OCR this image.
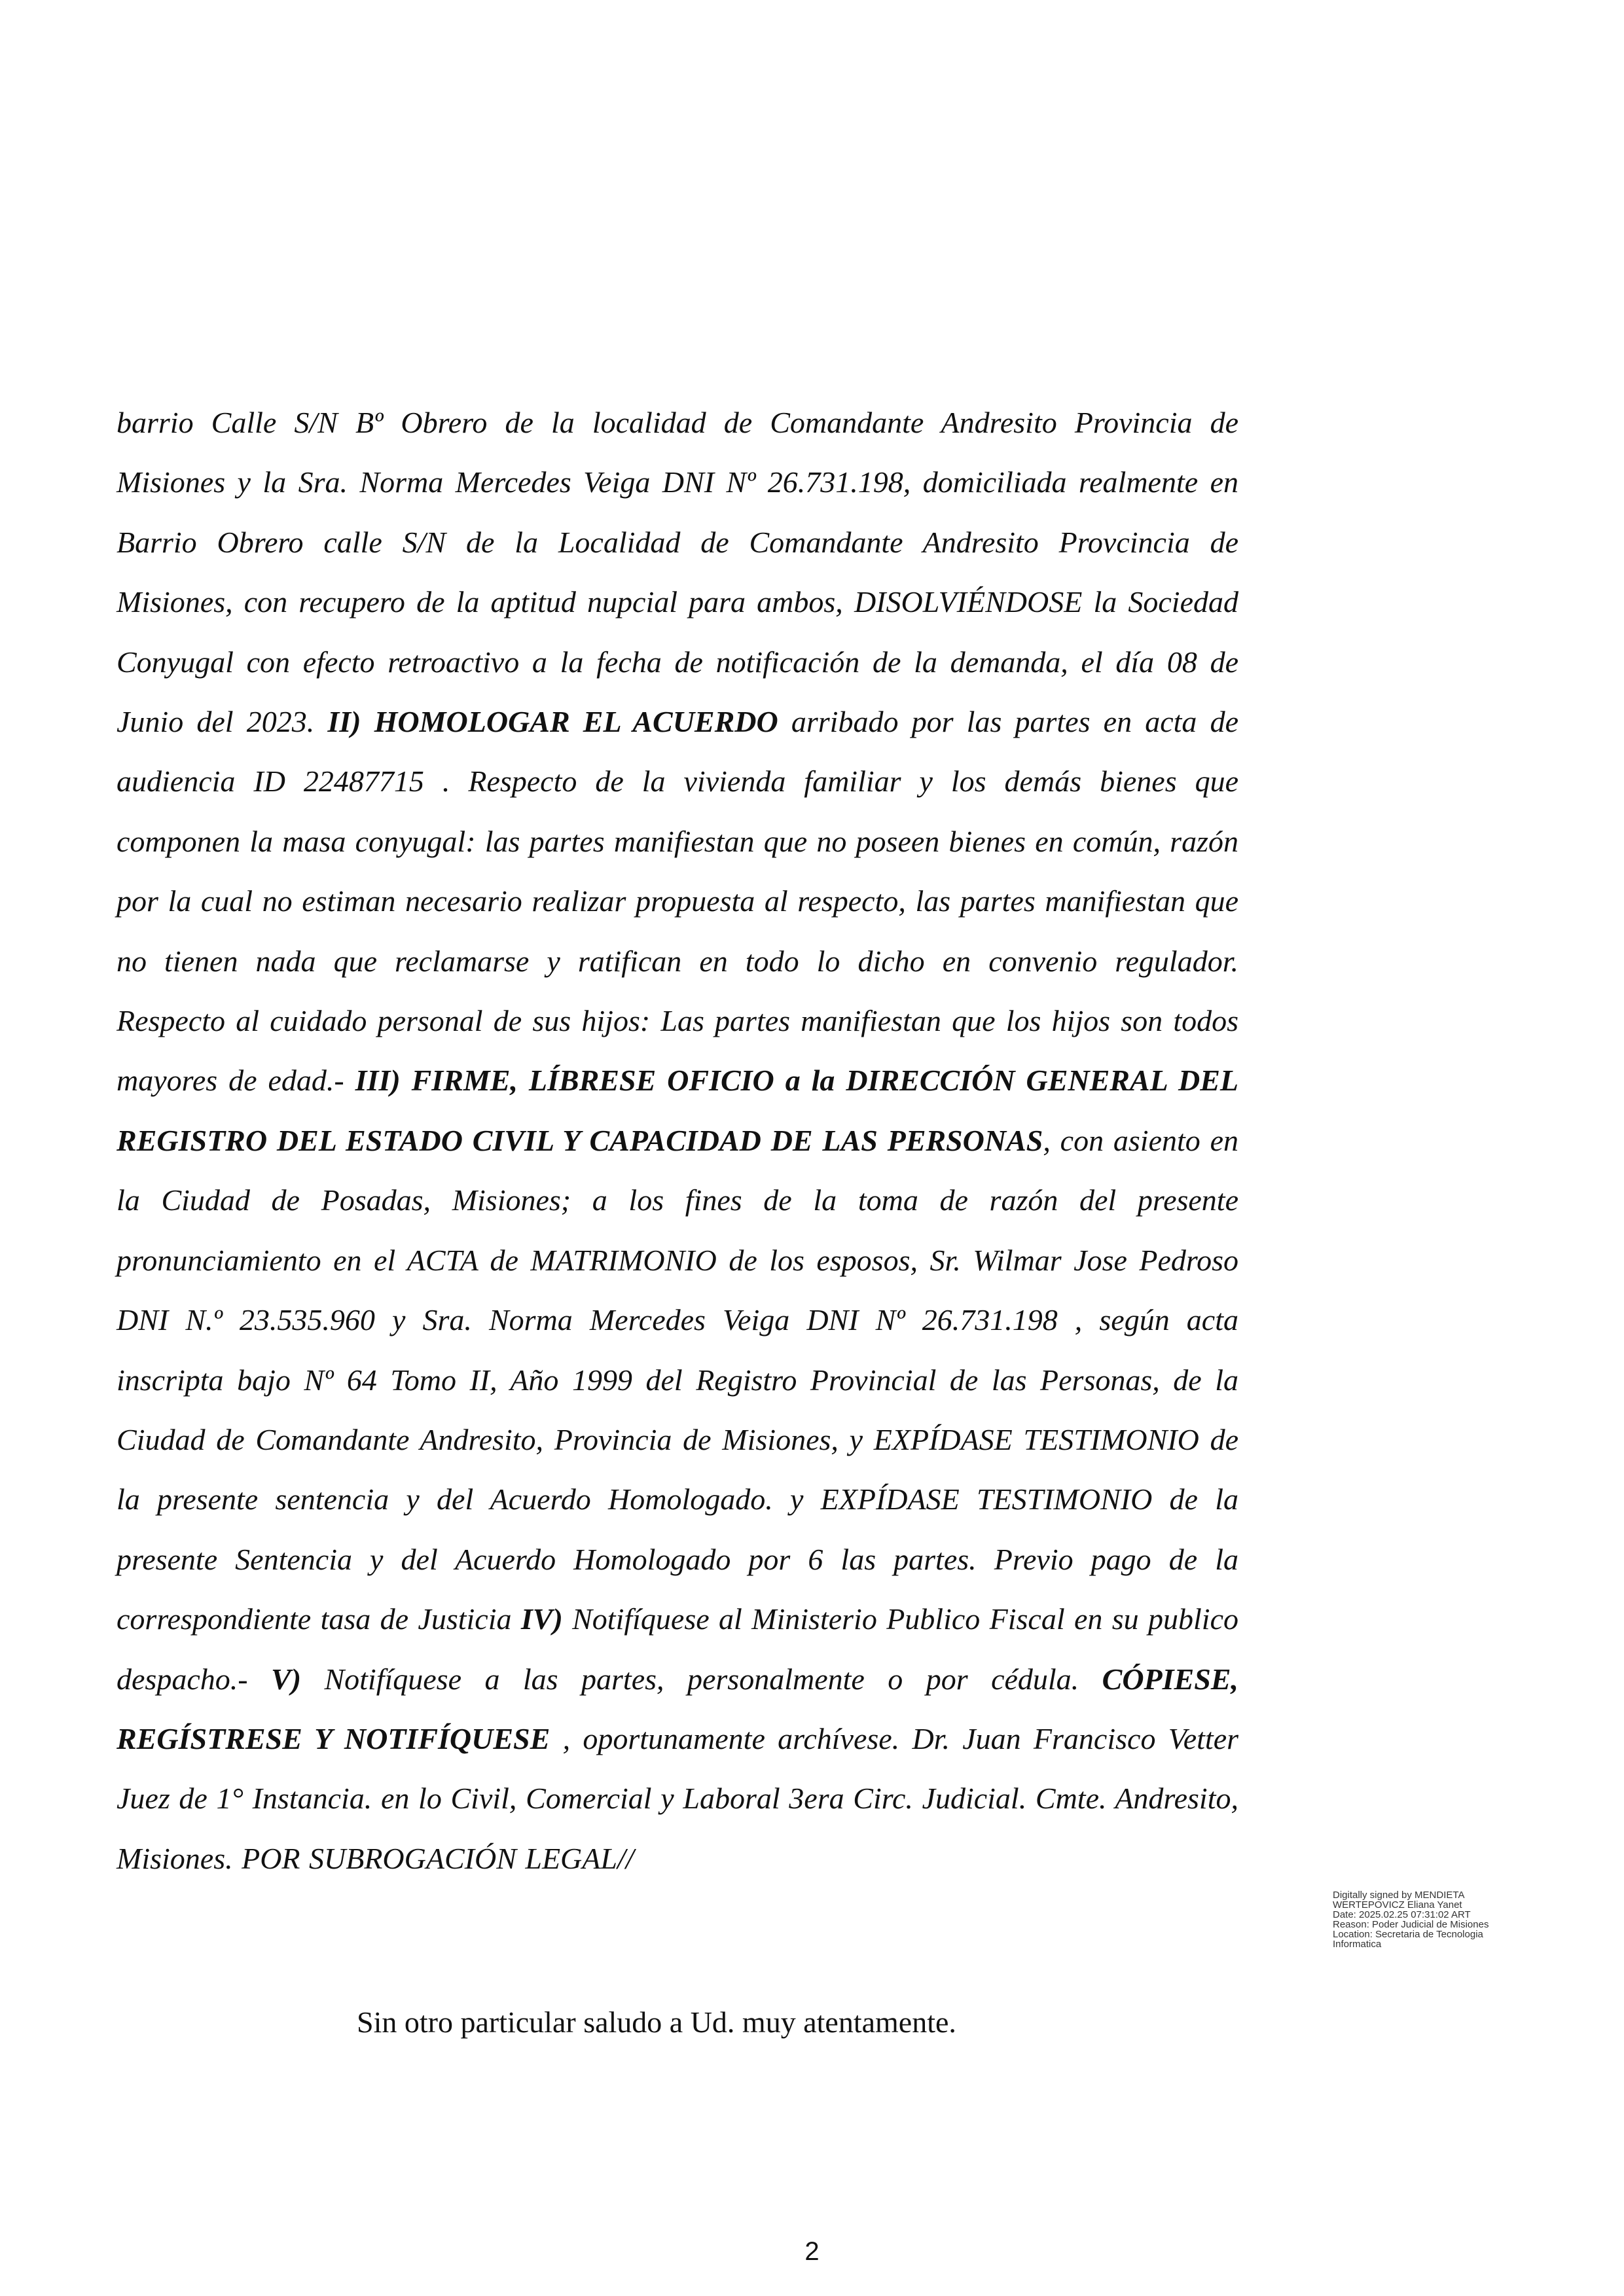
barrio Calle S/N Bº Obrero de la localidad de Comandante Andresito Provincia de Misiones y la Sra. Norma Mercedes Veiga DNI Nº 26.731.198, domiciliada realmente en Barrio Obrero calle S/N de la Localidad de Comandante Andresito Provcincia de Misiones, con recupero de la aptitud nupcial para ambos, DISOLVIÉNDOSE la Sociedad Conyugal con efecto retroactivo a la fecha de notificación de la demanda, el día 08 de Junio del 2023. II) HOMOLOGAR EL ACUERDO arribado por las partes en acta de audiencia ID 22487715 . Respecto de la vivienda familiar y los demás bienes que componen la masa conyugal: las partes manifiestan que no poseen bienes en común, razón por la cual no estiman necesario realizar propuesta al respecto, las partes manifiestan que no tienen nada que reclamarse y ratifican en todo lo dicho en convenio regulador. Respecto al cuidado personal de sus hijos: Las partes manifiestan que los hijos son todos mayores de edad.- III) FIRME, LÍBRESE OFICIO a la DIRECCIÓN GENERAL DEL REGISTRO DEL ESTADO CIVIL Y CAPACIDAD DE LAS PERSONAS, con asiento en la Ciudad de Posadas, Misiones; a los fines de la toma de razón del presente pronunciamiento en el ACTA de MATRIMONIO de los esposos, Sr. Wilmar Jose Pedroso DNI N.º 23.535.960 y Sra. Norma Mercedes Veiga DNI Nº 26.731.198 , según acta inscripta bajo Nº 64 Tomo II, Año 1999 del Registro Provincial de las Personas, de la Ciudad de Comandante Andresito, Provincia de Misiones, y EXPÍDASE TESTIMONIO de la presente sentencia y del Acuerdo Homologado. y EXPÍDASE TESTIMONIO de la presente Sentencia y del Acuerdo Homologado por 6 las partes. Previo pago de la correspondiente tasa de Justicia IV) Notifíquese al Ministerio Publico Fiscal en su publico despacho.- V) Notifíquese a las partes, personalmente o por cédula. CÓPIESE, REGÍSTRESE Y NOTIFÍQUESE , oportunamente archívese. Dr. Juan Francisco Vetter Juez de 1° Instancia. en lo Civil, Comercial y Laboral 3era Circ. Judicial. Cmte. Andresito, Misiones. POR SUBROGACIÓN LEGAL//
Sin otro particular saludo a Ud. muy atentamente.
Digitally signed by MENDIETA
WERTEPOVICZ Eliana Yanet
Date: 2025.02.25 07:31:02 ART
Reason: Poder Judicial de Misiones
Location: Secretaria de Tecnologia
Informatica
2
